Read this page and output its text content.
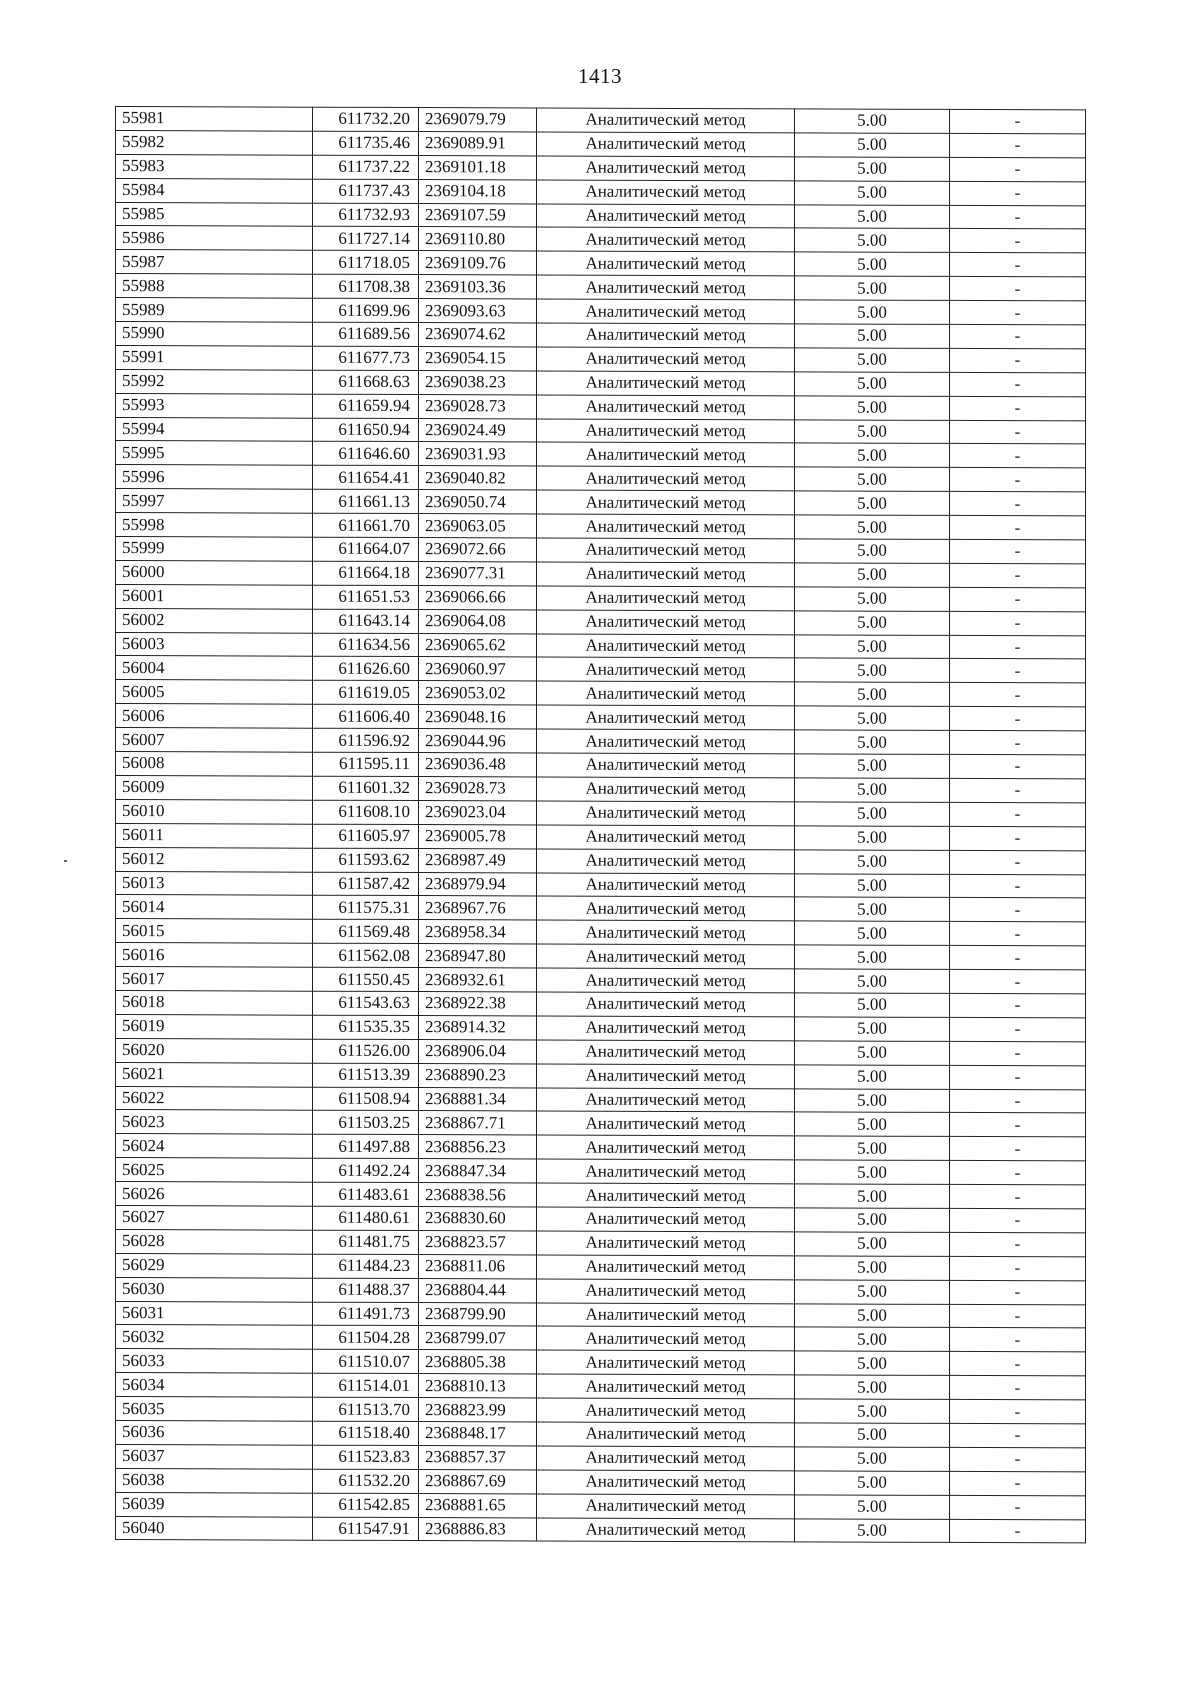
1413
55981	611732.20	2369079.79	Аналитический метод	5.00	-
55982	611735.46	2369089.91	Аналитический метод	5.00	-
55983	611737.22	2369101.18	Аналитический метод	5.00	-
55984	611737.43	2369104.18	Аналитический метод	5.00	-
55985	611732.93	2369107.59	Аналитический метод	5.00	-
55986	611727.14	2369110.80	Аналитический метод	5.00	-
55987	611718.05	2369109.76	Аналитический метод	5.00	-
55988	611708.38	2369103.36	Аналитический метод	5.00	-
55989	611699.96	2369093.63	Аналитический метод	5.00	-
55990	611689.56	2369074.62	Аналитический метод	5.00	-
55991	611677.73	2369054.15	Аналитический метод	5.00	-
55992	611668.63	2369038.23	Аналитический метод	5.00	-
55993	611659.94	2369028.73	Аналитический метод	5.00	-
55994	611650.94	2369024.49	Аналитический метод	5.00	-
55995	611646.60	2369031.93	Аналитический метод	5.00	-
55996	611654.41	2369040.82	Аналитический метод	5.00	-
55997	611661.13	2369050.74	Аналитический метод	5.00	-
55998	611661.70	2369063.05	Аналитический метод	5.00	-
55999	611664.07	2369072.66	Аналитический метод	5.00	-
56000	611664.18	2369077.31	Аналитический метод	5.00	-
56001	611651.53	2369066.66	Аналитический метод	5.00	-
56002	611643.14	2369064.08	Аналитический метод	5.00	-
56003	611634.56	2369065.62	Аналитический метод	5.00	-
56004	611626.60	2369060.97	Аналитический метод	5.00	-
56005	611619.05	2369053.02	Аналитический метод	5.00	-
56006	611606.40	2369048.16	Аналитический метод	5.00	-
56007	611596.92	2369044.96	Аналитический метод	5.00	-
56008	611595.11	2369036.48	Аналитический метод	5.00	-
56009	611601.32	2369028.73	Аналитический метод	5.00	-
56010	611608.10	2369023.04	Аналитический метод	5.00	-
56011	611605.97	2369005.78	Аналитический метод	5.00	-
56012	611593.62	2368987.49	Аналитический метод	5.00	-
56013	611587.42	2368979.94	Аналитический метод	5.00	-
56014	611575.31	2368967.76	Аналитический метод	5.00	-
56015	611569.48	2368958.34	Аналитический метод	5.00	-
56016	611562.08	2368947.80	Аналитический метод	5.00	-
56017	611550.45	2368932.61	Аналитический метод	5.00	-
56018	611543.63	2368922.38	Аналитический метод	5.00	-
56019	611535.35	2368914.32	Аналитический метод	5.00	-
56020	611526.00	2368906.04	Аналитический метод	5.00	-
56021	611513.39	2368890.23	Аналитический метод	5.00	-
56022	611508.94	2368881.34	Аналитический метод	5.00	-
56023	611503.25	2368867.71	Аналитический метод	5.00	-
56024	611497.88	2368856.23	Аналитический метод	5.00	-
56025	611492.24	2368847.34	Аналитический метод	5.00	-
56026	611483.61	2368838.56	Аналитический метод	5.00	-
56027	611480.61	2368830.60	Аналитический метод	5.00	-
56028	611481.75	2368823.57	Аналитический метод	5.00	-
56029	611484.23	2368811.06	Аналитический метод	5.00	-
56030	611488.37	2368804.44	Аналитический метод	5.00	-
56031	611491.73	2368799.90	Аналитический метод	5.00	-
56032	611504.28	2368799.07	Аналитический метод	5.00	-
56033	611510.07	2368805.38	Аналитический метод	5.00	-
56034	611514.01	2368810.13	Аналитический метод	5.00	-
56035	611513.70	2368823.99	Аналитический метод	5.00	-
56036	611518.40	2368848.17	Аналитический метод	5.00	-
56037	611523.83	2368857.37	Аналитический метод	5.00	-
56038	611532.20	2368867.69	Аналитический метод	5.00	-
56039	611542.85	2368881.65	Аналитический метод	5.00	-
56040	611547.91	2368886.83	Аналитический метод	5.00	-
